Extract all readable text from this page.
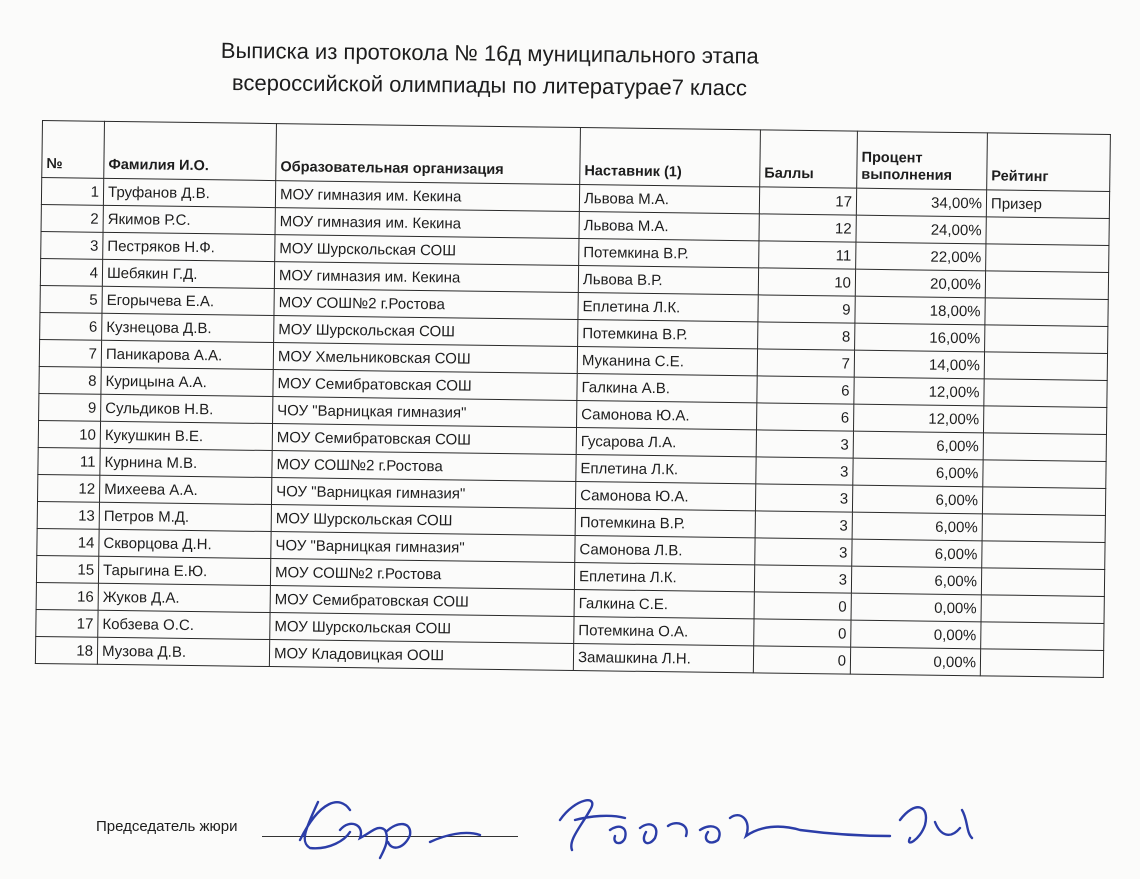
Выписка из протокола № 16д муниципального этапа
всероссийской олимпиады по литературае7 класс
№	Фамилия И.О.	Образовательная организация	Наставник (1)	Баллы	Процент выполнения	Рейтинг
1	Труфанов Д.В.	МОУ гимназия им. Кекина	Львова М.А.	17	34,00%	Призер
2	Якимов Р.С.	МОУ гимназия им. Кекина	Львова М.А.	12	24,00%	
3	Пестряков Н.Ф.	МОУ Шурскольская СОШ	Потемкина В.Р.	11	22,00%	
4	Шебякин Г.Д.	МОУ гимназия им. Кекина	Львова В.Р.	10	20,00%	
5	Егорычева Е.А.	МОУ СОШ№2 г.Ростова	Еплетина Л.К.	9	18,00%	
6	Кузнецова Д.В.	МОУ Шурскольская СОШ	Потемкина В.Р.	8	16,00%	
7	Паникарова А.А.	МОУ Хмельниковская СОШ	Муканина С.Е.	7	14,00%	
8	Курицына А.А.	МОУ Семибратовская СОШ	Галкина А.В.	6	12,00%	
9	Сульдиков Н.В.	ЧОУ "Варницкая гимназия"	Самонова Ю.А.	6	12,00%	
10	Кукушкин В.Е.	МОУ Семибратовская СОШ	Гусарова Л.А.	3	6,00%	
11	Курнина М.В.	МОУ СОШ№2 г.Ростова	Еплетина Л.К.	3	6,00%	
12	Михеева А.А.	ЧОУ "Варницкая гимназия"	Самонова Ю.А.	3	6,00%	
13	Петров М.Д.	МОУ Шурскольская СОШ	Потемкина В.Р.	3	6,00%	
14	Скворцова Д.Н.	ЧОУ "Варницкая гимназия"	Самонова Л.В.	3	6,00%	
15	Тарыгина Е.Ю.	МОУ СОШ№2 г.Ростова	Еплетина Л.К.	3	6,00%	
16	Жуков Д.А.	МОУ Семибратовская СОШ	Галкина С.Е.	0	0,00%	
17	Кобзева О.С.	МОУ Шурскольская СОШ	Потемкина О.А.	0	0,00%	
18	Музова Д.В.	МОУ Кладовицкая ООШ	Замашкина Л.Н.	0	0,00%	
Председатель жюри
